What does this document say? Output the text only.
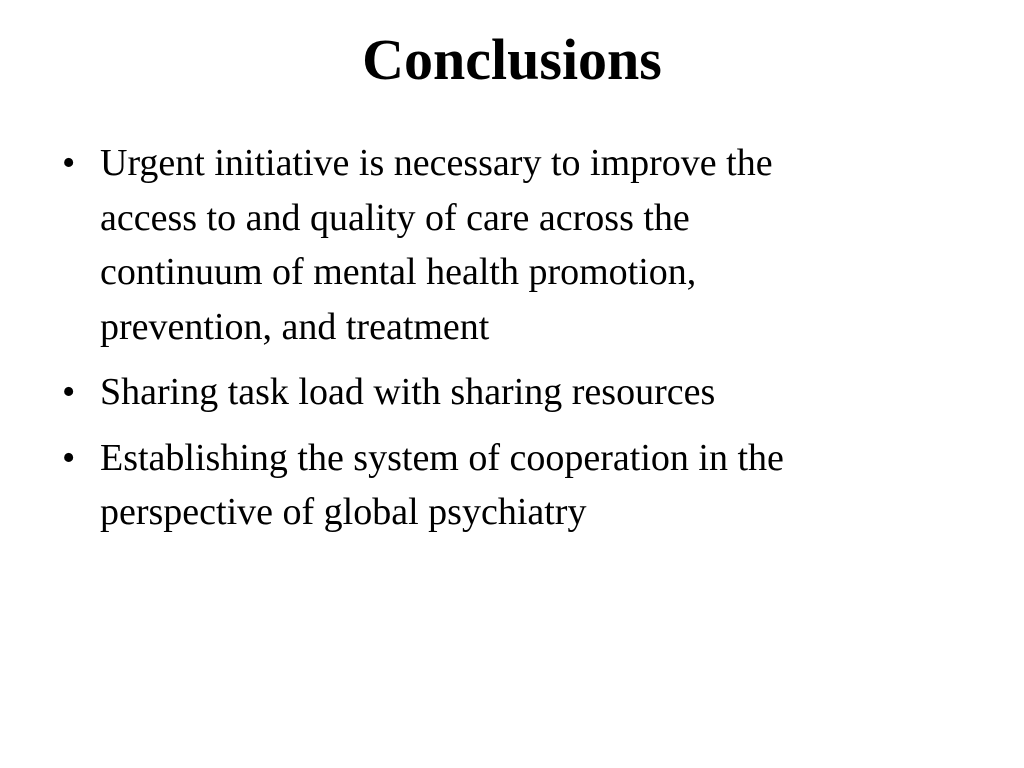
Conclusions
• Urgent initiative is necessary to improve the
access to and quality of care across the
continuum of mental health promotion,
prevention, and treatment
• Sharing task load with sharing resources
• Establishing the system of cooperation in the
perspective of global psychiatry
